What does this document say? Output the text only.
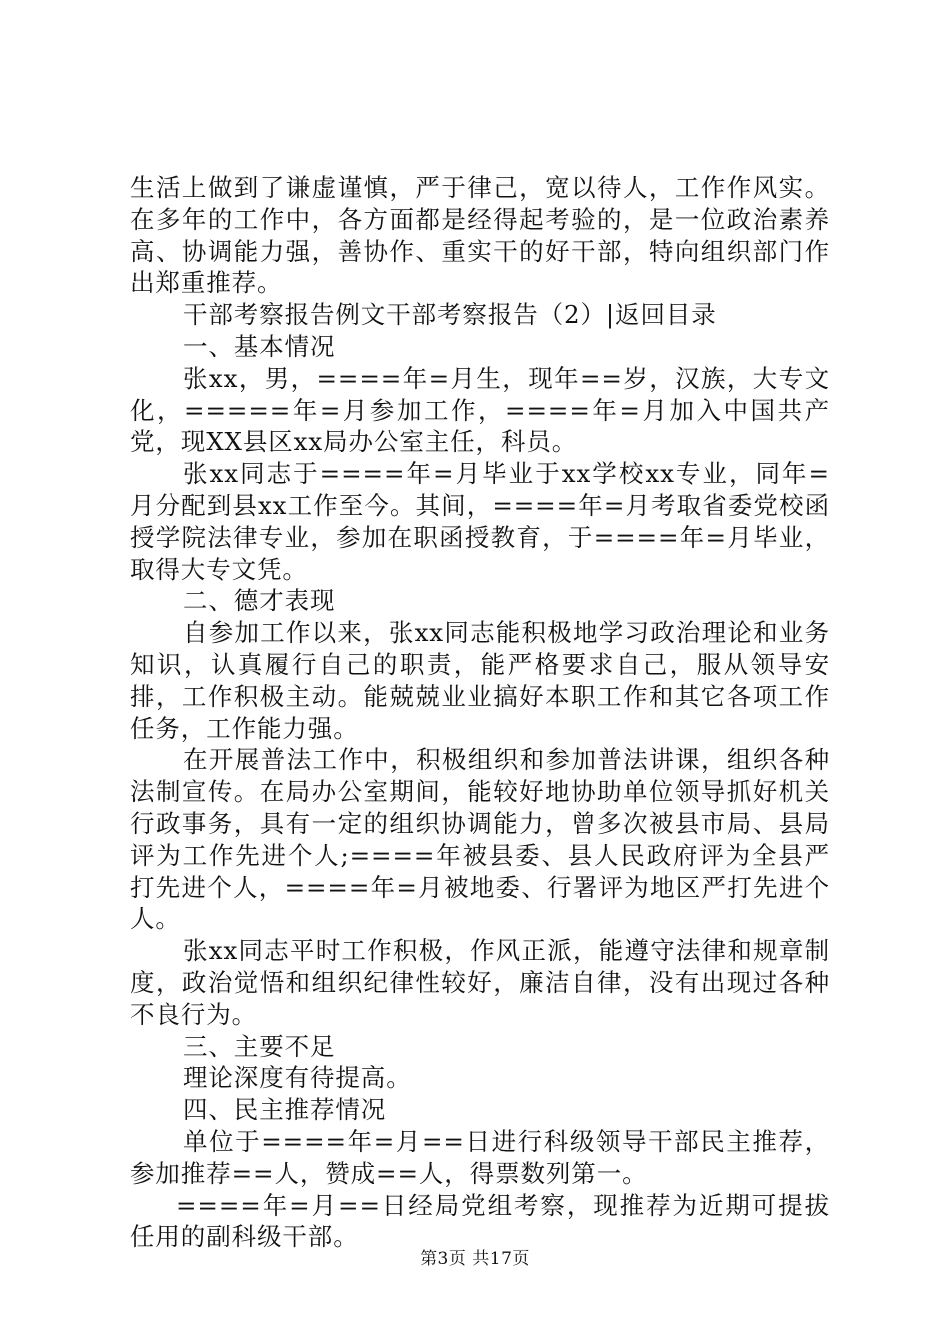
生活上做到了谦虚谨慎，严于律己，宽以待人，工作作风实。在多年的工作中，各方面都是经得起考验的，是一位政治素养高、协调能力强，善协作、重实干的好干部，特向组织部门作出郑重推荐。

干部考察报告例文干部考察报告（2）|返回目录

一、基本情况

张xx，男，====年=月生，现年==岁，汉族，大专文化，=====年=月参加工作，====年=月加入中国共产党，现XX县区xx局办公室主任，科员。

张xx同志于====年=月毕业于xx学校xx专业，同年=月分配到县xx工作至今。其间，====年=月考取省委党校函授学院法律专业，参加在职函授教育，于====年=月毕业，取得大专文凭。

二、德才表现

自参加工作以来，张xx同志能积极地学习政治理论和业务知识，认真履行自己的职责，能严格要求自己，服从领导安排，工作积极主动。能兢兢业业搞好本职工作和其它各项工作任务，工作能力强。

在开展普法工作中，积极组织和参加普法讲课，组织各种法制宣传。在局办公室期间，能较好地协助单位领导抓好机关行政事务，具有一定的组织协调能力，曾多次被县市局、县局评为工作先进个人;====年被县委、县人民政府评为全县严打先进个人，====年=月被地委、行署评为地区严打先进个人。

张xx同志平时工作积极，作风正派，能遵守法律和规章制度，政治觉悟和组织纪律性较好，廉洁自律，没有出现过各种不良行为。

三、主要不足

理论深度有待提高。

四、民主推荐情况

单位于====年=月==日进行科级领导干部民主推荐，参加推荐==人，赞成==人，得票数列第一。

====年=月==日经局党组考察，现推荐为近期可提拔任用的副科级干部。

第3页 共17页
